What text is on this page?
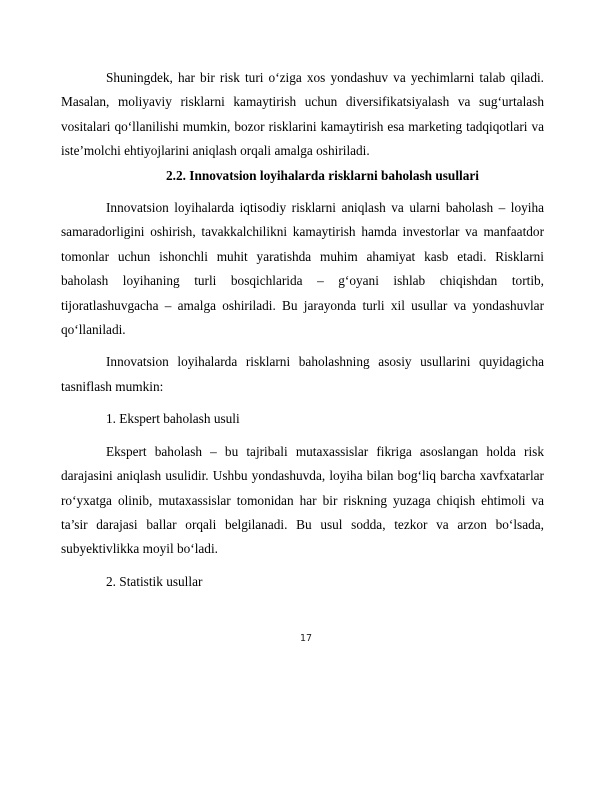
Shuningdek, har bir risk turi o‘ziga xos yondashuv va yechimlarni talab qiladi. Masalan, moliyaviy risklarni kamaytirish uchun diversifikatsiyalash va sug‘urtalash vositalari qo‘llanilishi mumkin, bozor risklarini kamaytirish esa marketing tadqiqotlari va iste’molchi ehtiyojlarini aniqlash orqali amalga oshiriladi.

2.2. Innovatsion loyihalarda risklarni baholash usullari

Innovatsion loyihalarda iqtisodiy risklarni aniqlash va ularni baholash – loyiha samaradorligini oshirish, tavakkalchilikni kamaytirish hamda investorlar va manfaatdor tomonlar uchun ishonchli muhit yaratishda muhim ahamiyat kasb etadi. Risklarni baholash loyihaning turli bosqichlarida – g‘oyani ishlab chiqishdan tortib, tijoratlashuvgacha – amalga oshiriladi. Bu jarayonda turli xil usullar va yondashuvlar qo‘llaniladi.

Innovatsion loyihalarda risklarni baholashning asosiy usullarini quyidagicha tasniflash mumkin:

1. Ekspert baholash usuli

Ekspert baholash – bu tajribali mutaxassislar fikriga asoslangan holda risk darajasini aniqlash usulidir. Ushbu yondashuvda, loyiha bilan bog‘liq barcha xavfxatarlar ro‘yxatga olinib, mutaxassislar tomonidan har bir riskning yuzaga chiqish ehtimoli va ta’sir darajasi ballar orqali belgilanadi. Bu usul sodda, tezkor va arzon bo‘lsada, subyektivlikka moyil bo‘ladi.

2. Statistik usullar

17
